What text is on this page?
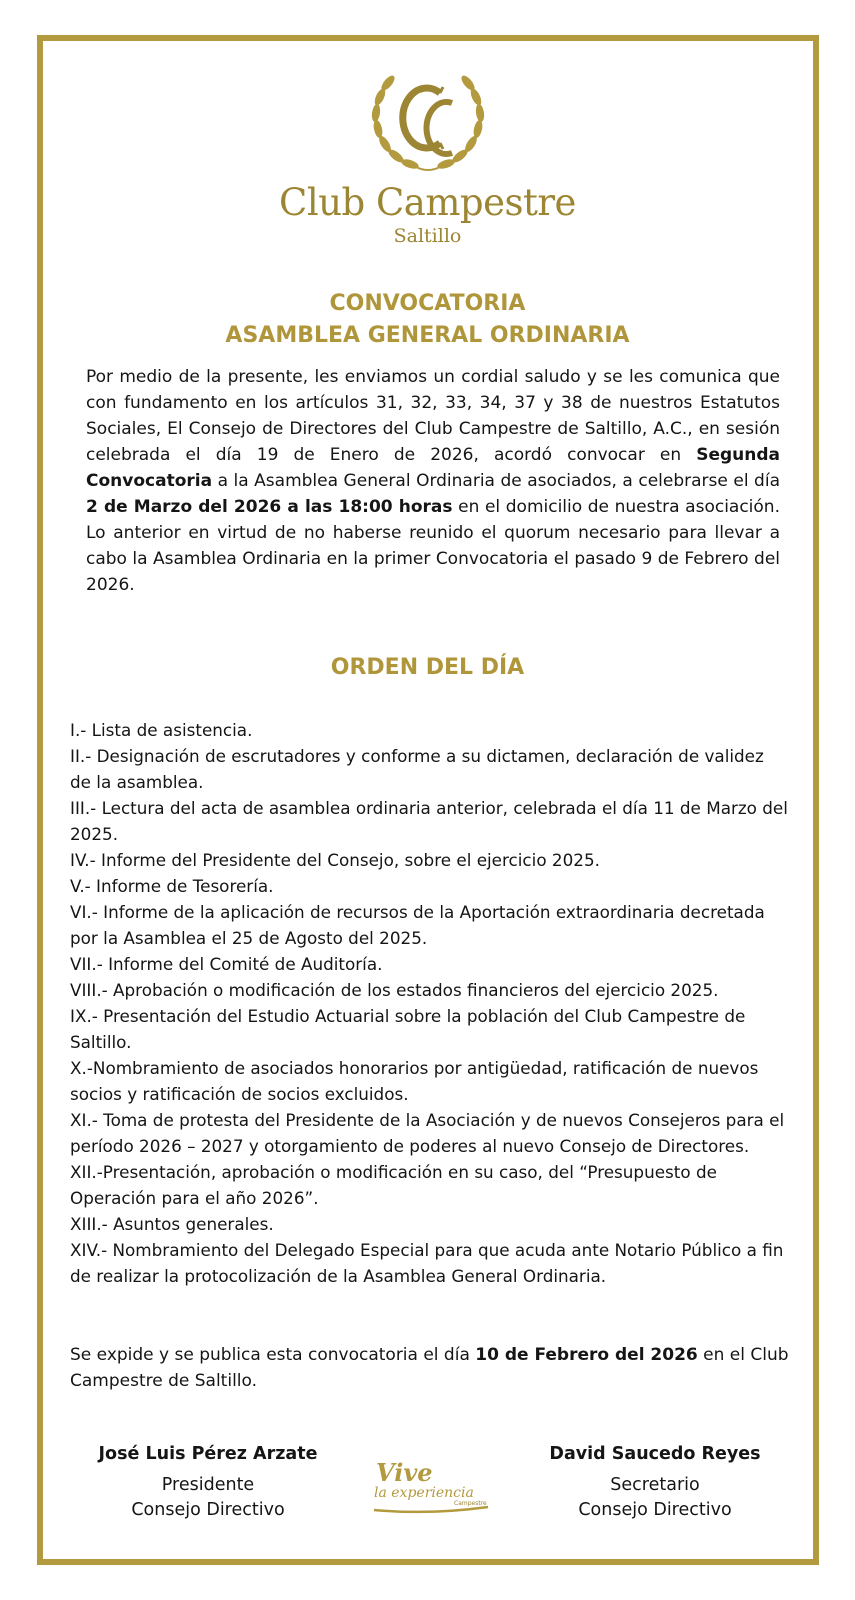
Club Campestre
Saltillo
CONVOCATORIA
ASAMBLEA GENERAL ORDINARIA
Por medio de la presente, les enviamos un cordial saludo y se les comunica que con fundamento en los artículos 31, 32, 33, 34, 37 y 38 de nuestros Estatutos Sociales, El Consejo de Directores del Club Campestre de Saltillo, A.C., en sesión celebrada el día 19 de Enero de 2026, acordó convocar en Segunda Convocatoria a la Asamblea General Ordinaria de asociados, a celebrarse el día 2 de Marzo del 2026 a las 18:00 horas en el domicilio de nuestra asociación. Lo anterior en virtud de no haberse reunido el quorum necesario para llevar a cabo la Asamblea Ordinaria en la primer Convocatoria el pasado 9 de Febrero del 2026.
ORDEN DEL DÍA
I.- Lista de asistencia.
II.- Designación de escrutadores y conforme a su dictamen, declaración de validez de la asamblea.
III.- Lectura del acta de asamblea ordinaria anterior, celebrada el día 11 de Marzo del 2025.
IV.- Informe del Presidente del Consejo, sobre el ejercicio 2025.
V.- Informe de Tesorería.
VI.- Informe de la aplicación de recursos de la Aportación extraordinaria decretada por la Asamblea el 25 de Agosto del 2025.
VII.- Informe del Comité de Auditoría.
VIII.- Aprobación o modificación de los estados financieros del ejercicio 2025.
IX.- Presentación del Estudio Actuarial sobre la población del Club Campestre de Saltillo.
X.-Nombramiento de asociados honorarios por antigüedad, ratificación de nuevos socios y ratificación de socios excluidos.
XI.- Toma de protesta del Presidente de la Asociación y de nuevos Consejeros para el período 2026 – 2027 y otorgamiento de poderes al nuevo Consejo de Directores.
XII.-Presentación, aprobación o modificación en su caso, del “Presupuesto de Operación para el año 2026”.
XIII.- Asuntos generales.
XIV.- Nombramiento del Delegado Especial para que acuda ante Notario Público a fin de realizar la protocolización de la Asamblea General Ordinaria.
Se expide y se publica esta convocatoria el día 10 de Febrero del 2026 en el Club Campestre de Saltillo.
José Luis Pérez Arzate
Presidente
Consejo Directivo
Vive
la experiencia
Campestre
David Saucedo Reyes
Secretario
Consejo Directivo
